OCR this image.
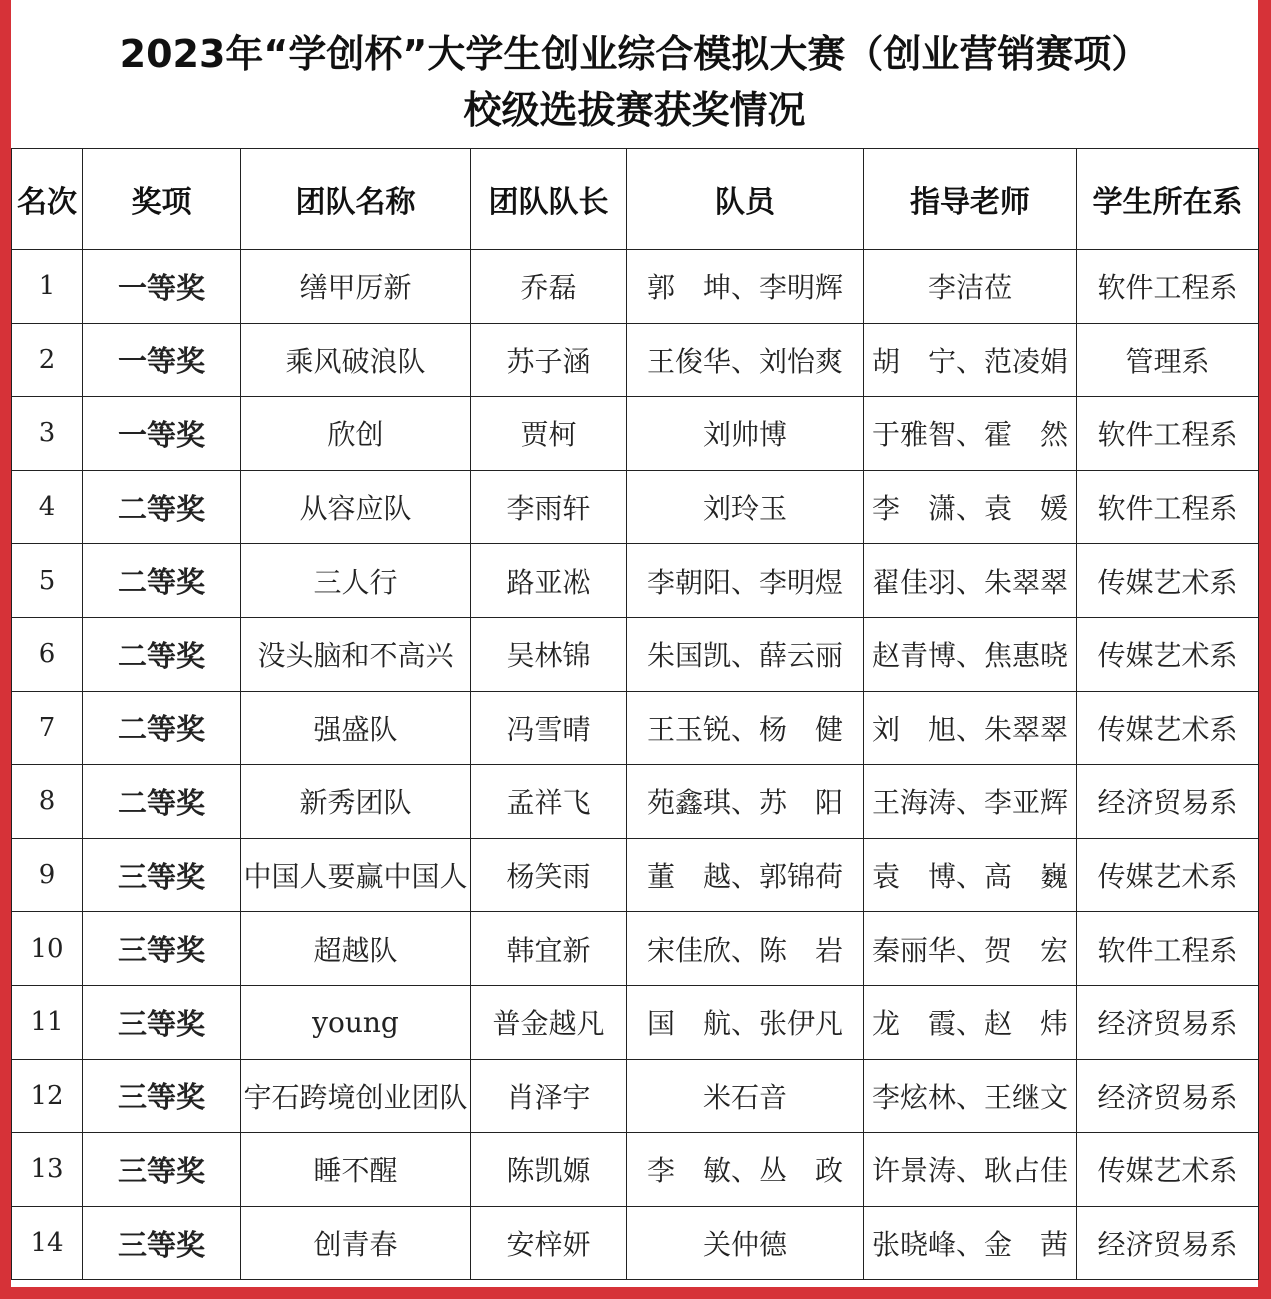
2023年“学创杯”大学生创业综合模拟大赛（创业营销赛项）
校级选拔赛获奖情况
名次	奖项	团队名称	团队队长	队员	指导老师	学生所在系
1	一等奖	缮甲厉新	乔磊	郭　坤、李明辉	李洁莅	软件工程系
2	一等奖	乘风破浪队	苏子涵	王俊华、刘怡爽	胡　宁、范凌娟	管理系
3	一等奖	欣创	贾柯	刘帅博	于雅智、霍　然	软件工程系
4	二等奖	从容应队	李雨轩	刘玲玉	李　潇、袁　媛	软件工程系
5	二等奖	三人行	路亚凇	李朝阳、李明煜	翟佳羽、朱翠翠	传媒艺术系
6	二等奖	没头脑和不高兴	吴林锦	朱国凯、薛云丽	赵青博、焦惠晓	传媒艺术系
7	二等奖	强盛队	冯雪晴	王玉锐、杨　健	刘　旭、朱翠翠	传媒艺术系
8	二等奖	新秀团队	孟祥飞	苑鑫琪、苏　阳	王海涛、李亚辉	经济贸易系
9	三等奖	中国人要赢中国人	杨笑雨	董　越、郭锦荷	袁　博、高　巍	传媒艺术系
10	三等奖	超越队	韩宜新	宋佳欣、陈　岩	秦丽华、贺　宏	软件工程系
11	三等奖	young	普金越凡	国　航、张伊凡	龙　霞、赵　炜	经济贸易系
12	三等奖	宇石跨境创业团队	肖泽宇	米石音	李炫林、王继文	经济贸易系
13	三等奖	睡不醒	陈凯嫄	李　敏、丛　政	许景涛、耿占佳	传媒艺术系
14	三等奖	创青春	安梓妍	关仲德	张晓峰、金　茜	经济贸易系
